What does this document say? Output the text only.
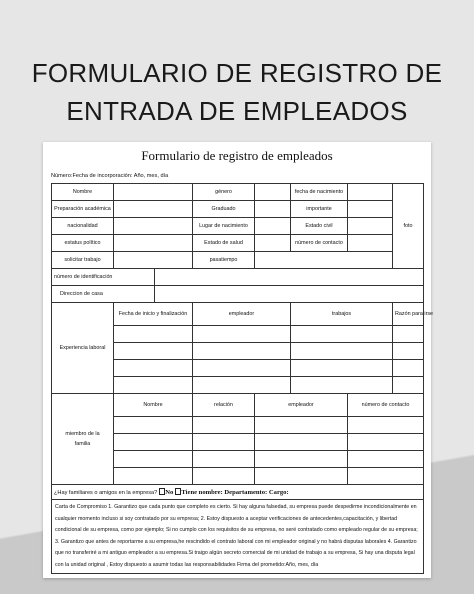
FORMULARIO DE REGISTRO DE
ENTRADA DE EMPLEADOS
Formulario de registro de empleados
Número:Fecha de incorporación: Año, mes, día
Nombre			género		fecha de nacimiento		foto
Preparación académica			Graduado		importante		
nacionalidad			Lugar de nacimiento		Estado civil		
estatus político			Estado de salud		número de contacto		
solicitar trabajo			pasatiempo				
número de identificación							
Direccion de casa							
Experiencia laboral	Fecha de inicio y finalización		empleador		trabajos		Razón para irse

miembro de la familia	Nombre		relación	empleador		número de contacto	

¿Hay familiares o amigos en la empresa? No Tiene nombre: Departamento: Cargo:							
Carta de Compromiso 1. Garantizo que cada punto que completo es cierto. Si hay alguna falsedad, su empresa puede despedirme incondicionalmente en cualquier momento incluso si soy contratado por su empresa; 2. Estoy dispuesto a aceptar verificaciones de antecedentes,capacitación, y libertad condicional de su empresa, como por ejemplo; Si no cumplo con los requisitos de su empresa, no seré contratado como empleado regular de su empresa; 3. Garantizo que antes de reportarme a su empresa,he rescindido el contrato laboral con mi empleador original y no habrá disputas laborales 4. Garantizo que no transferiré a mi antiguo empleador a su empresa.Si traigo algún secreto comercial de mi unidad de trabajo a su empresa, Si hay una disputa legal con la unidad original , Estoy dispuesto a asumir todas las responsabilidades Firma del prometido:Año, mes, día							
